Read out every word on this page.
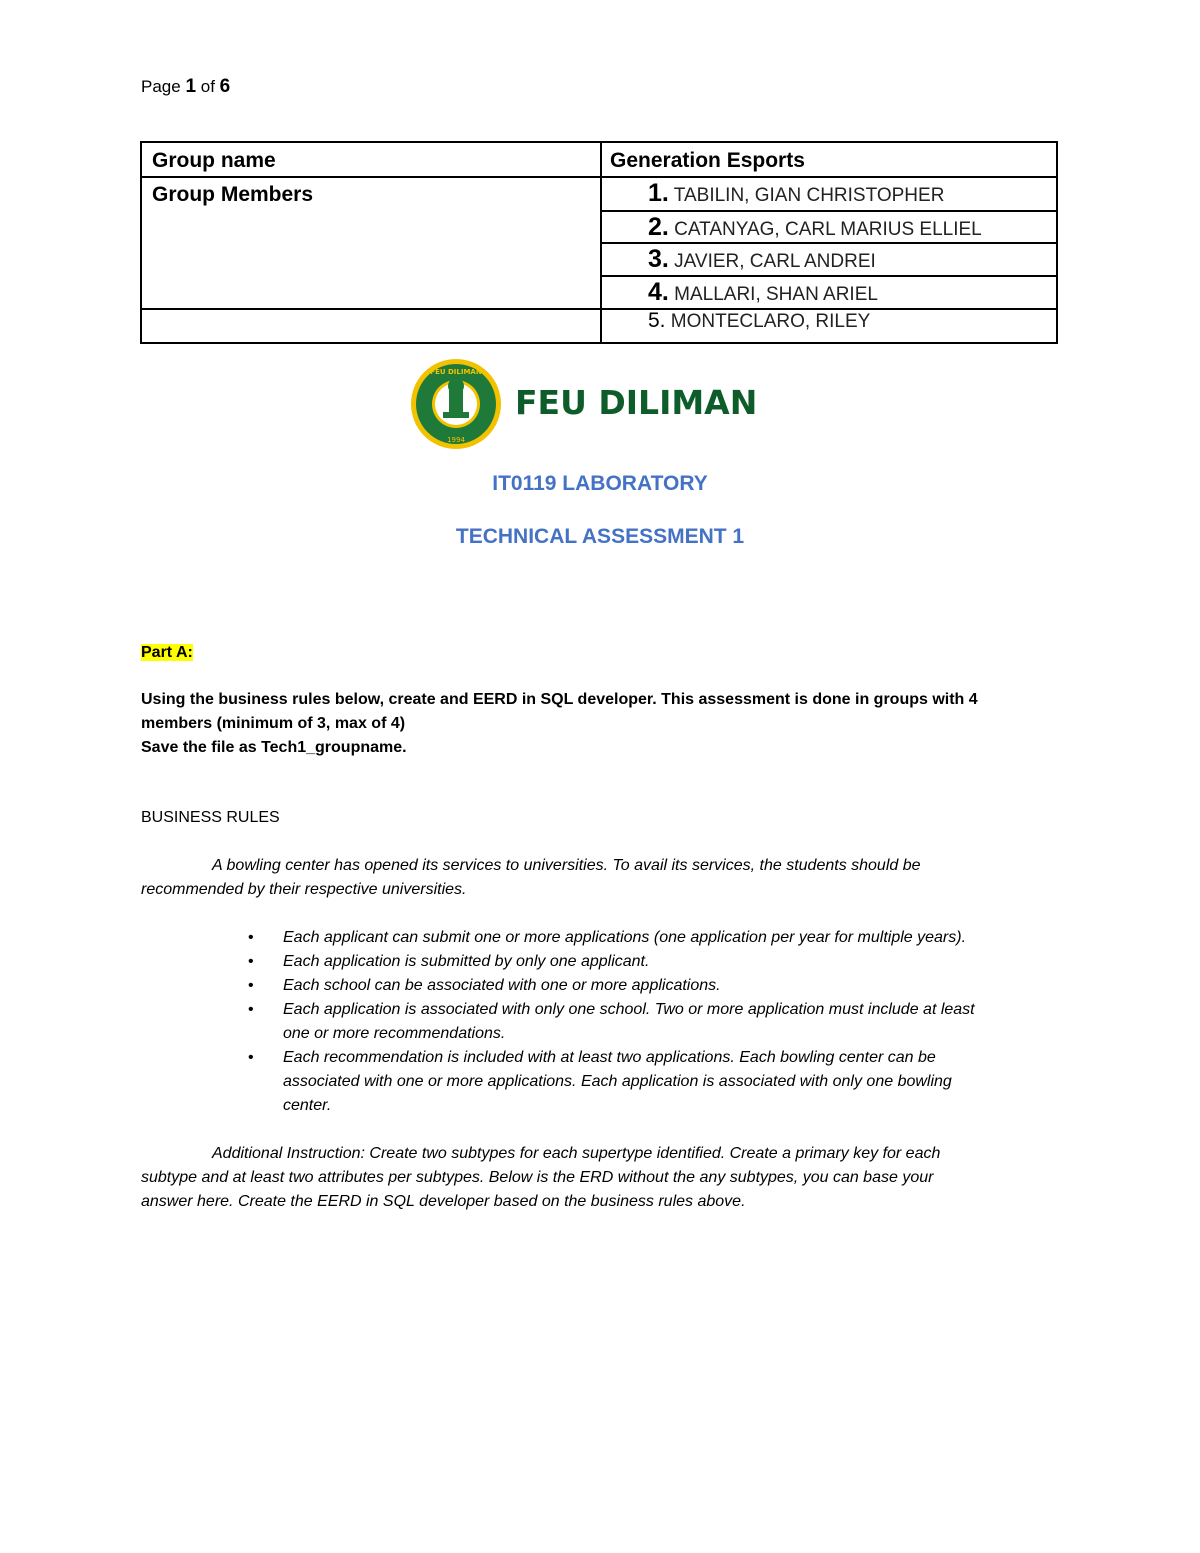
Page 1 of 6
Group name	Generation Esports
Group Members	1. TABILIN, GIAN CHRISTOPHER
2. CATANYAG, CARL MARIUS ELLIEL
3. JAVIER, CARL ANDREI
4. MALLARI, SHAN ARIEL
5. MONTECLARO, RILEY
1994
FEU DILIMAN
FEU DILIMAN
IT0119 LABORATORY
TECHNICAL ASSESSMENT 1
Part A:
Using the business rules below, create and EERD in SQL developer. This assessment is done in groups with 4
members (minimum of 3, max of 4)
Save the file as Tech1_groupname.
BUSINESS RULES
A bowling center has opened its services to universities. To avail its services, the students should be
recommended by their respective universities.
• Each applicant can submit one or more applications (one application per year for multiple years).
• Each application is submitted by only one applicant.
• Each school can be associated with one or more applications.
• Each application is associated with only one school. Two or more application must include at least
one or more recommendations.
• Each recommendation is included with at least two applications. Each bowling center can be
associated with one or more applications. Each application is associated with only one bowling
center.
Additional Instruction: Create two subtypes for each supertype identified. Create a primary key for each
subtype and at least two attributes per subtypes. Below is the ERD without the any subtypes, you can base your
answer here. Create the EERD in SQL developer based on the business rules above.
